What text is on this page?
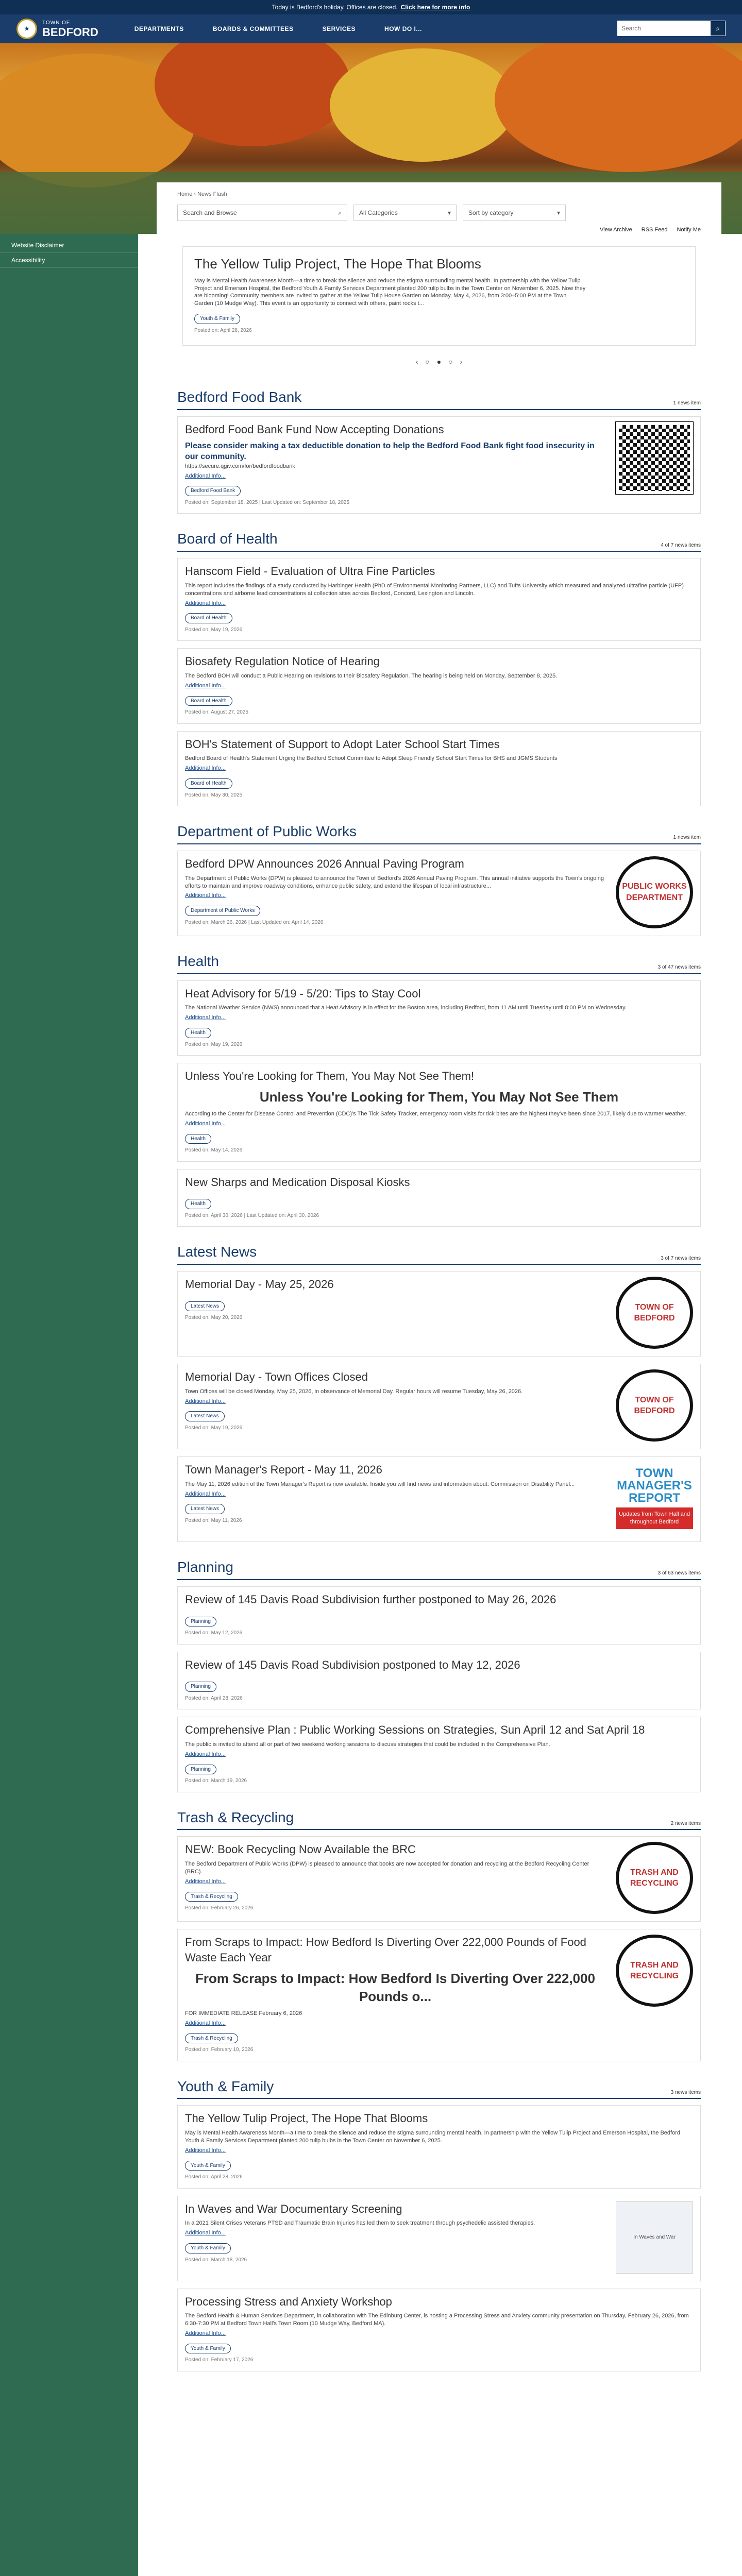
Today is Bedford's holiday. Offices are closed. Click here for more info
★
TOWN OF
BEDFORD	DEPARTMENTS	BOARDS & COMMITTEES	SERVICES	HOW DO I...
Search	⌕
Website Disclaimer
Accessibility
Home › News Flash
Search and Browse	⌕	All Categories	▾	Sort by category	▾
View Archive RSS Feed Notify Me
The Yellow Tulip Project, The Hope That Blooms

May is Mental Health Awareness Month—a time to break the silence and reduce the stigma surrounding mental health. In partnership with the Yellow Tulip Project and Emerson Hospital, the Bedford Youth & Family Services Department planted 200 tulip bulbs in the Town Center on November 6, 2025. Now they are blooming! Community members are invited to gather at the Yellow Tulip House Garden on Monday, May 4, 2026, from 3:00–5:00 PM at the Town Garden (10 Mudge Way). This event is an opportunity to connect with others, paint rocks t...

Youth & Family
Posted on: April 28, 2026
‹ ○ ● ○ ›
Bedford Food Bank	1 news item
Bedford Food Bank Fund Now Accepting Donations
Please consider making a tax deductible donation to help the Bedford Food Bank fight food insecurity in our community.
https://secure.qgiv.com/for/bedfordfoodbank
Additional Info...
Bedford Food Bank
Posted on: September 18, 2025 | Last Updated on: September 18, 2025
Board of Health	4 of 7 news items
Hanscom Field - Evaluation of Ultra Fine Particles
This report includes the findings of a study conducted by Harbinger Health (PhD of Environmental Monitoring Partners, LLC) and Tufts University which measured and analyzed ultrafine particle (UFP) concentrations and airborne lead concentrations at collection sites across Bedford, Concord, Lexington and Lincoln.
Additional Info...
Board of Health
Posted on: May 19, 2026
Biosafety Regulation Notice of Hearing
The Bedford BOH will conduct a Public Hearing on revisions to their Biosafety Regulation. The hearing is being held on Monday, September 8, 2025.
Additional Info...
Board of Health
Posted on: August 27, 2025
BOH's Statement of Support to Adopt Later School Start Times
Bedford Board of Health's Statement Urging the Bedford School Committee to Adopt Sleep Friendly School Start Times for BHS and JGMS Students
Additional Info...
Board of Health
Posted on: May 30, 2025
Department of Public Works	1 news item
Bedford DPW Announces 2026 Annual Paving Program
The Department of Public Works (DPW) is pleased to announce the Town of Bedford's 2026 Annual Paving Program. This annual initiative supports the Town's ongoing efforts to maintain and improve roadway conditions, enhance public safety, and extend the lifespan of local infrastructure...
Additional Info...
Department of Public Works
Posted on: March 26, 2026 | Last Updated on: April 14, 2026
PUBLIC WORKS DEPARTMENT
Health	3 of 47 news items
Heat Advisory for 5/19 - 5/20: Tips to Stay Cool
The National Weather Service (NWS) announced that a Heat Advisory is in effect for the Boston area, including Bedford, from 11 AM until Tuesday until 8:00 PM on Wednesday.
Additional Info...
Health
Posted on: May 19, 2026
Unless You're Looking for Them, You May Not See Them!
Unless You're Looking for Them, You May Not See Them
According to the Center for Disease Control and Prevention (CDC)'s The Tick Safety Tracker, emergency room visits for tick bites are the highest they've been since 2017, likely due to warmer weather.
Additional Info...
Health
Posted on: May 14, 2026
New Sharps and Medication Disposal Kiosks
Health
Posted on: April 30, 2026 | Last Updated on: April 30, 2026
Latest News	3 of 7 news items
Memorial Day - May 25, 2026
Latest News
Posted on: May 20, 2026
TOWN OF BEDFORD
Memorial Day - Town Offices Closed
Town Offices will be closed Monday, May 25, 2026, in observance of Memorial Day. Regular hours will resume Tuesday, May 26, 2026.
Additional Info...
Latest News
Posted on: May 19, 2026
TOWN OF BEDFORD
Town Manager's Report - May 11, 2026
The May 11, 2026 edition of the Town Manager's Report is now available. Inside you will find news and information about: Commission on Disability Panel...
Additional Info...
Latest News
Posted on: May 11, 2026
TOWN MANAGER'S REPORT
Updates from Town Hall and throughout Bedford
Planning	3 of 63 news items
Review of 145 Davis Road Subdivision further postponed to May 26, 2026
Planning
Posted on: May 12, 2026
Review of 145 Davis Road Subdivision postponed to May 12, 2026
Planning
Posted on: April 28, 2026
Comprehensive Plan : Public Working Sessions on Strategies, Sun April 12 and Sat April 18
The public is invited to attend all or part of two weekend working sessions to discuss strategies that could be included in the Comprehensive Plan.
Additional Info...
Planning
Posted on: March 19, 2026
Trash & Recycling	2 news items
NEW: Book Recycling Now Available the BRC
The Bedford Department of Public Works (DPW) is pleased to announce that books are now accepted for donation and recycling at the Bedford Recycling Center (BRC).
Additional Info...
Trash & Recycling
Posted on: February 26, 2026
TRASH AND RECYCLING
From Scraps to Impact: How Bedford Is Diverting Over 222,000 Pounds of Food Waste Each Year
From Scraps to Impact: How Bedford Is Diverting Over 222,000 Pounds o...
FOR IMMEDIATE RELEASE February 6, 2026
Additional Info...
Trash & Recycling
Posted on: February 10, 2026
TRASH AND RECYCLING
Youth & Family	3 news items
The Yellow Tulip Project, The Hope That Blooms
May is Mental Health Awareness Month—a time to break the silence and reduce the stigma surrounding mental health. In partnership with the Yellow Tulip Project and Emerson Hospital, the Bedford Youth & Family Services Department planted 200 tulip bulbs in the Town Center on November 6, 2025.
Additional Info...
Youth & Family
Posted on: April 28, 2026
In Waves and War Documentary Screening
In a 2021 Silent Crises Veterans PTSD and Traumatic Brain Injuries has led them to seek treatment through psychedelic assisted therapies.
Additional Info...
Youth & Family
Posted on: March 18, 2026
In Waves and War
Processing Stress and Anxiety Workshop
The Bedford Health & Human Services Department, in collaboration with The Edinburg Center, is hosting a Processing Stress and Anxiety community presentation on Thursday, February 26, 2026, from 6:30-7:30 PM at Bedford Town Hall's Town Room (10 Mudge Way, Bedford MA).
Additional Info...
Youth & Family
Posted on: February 17, 2026
